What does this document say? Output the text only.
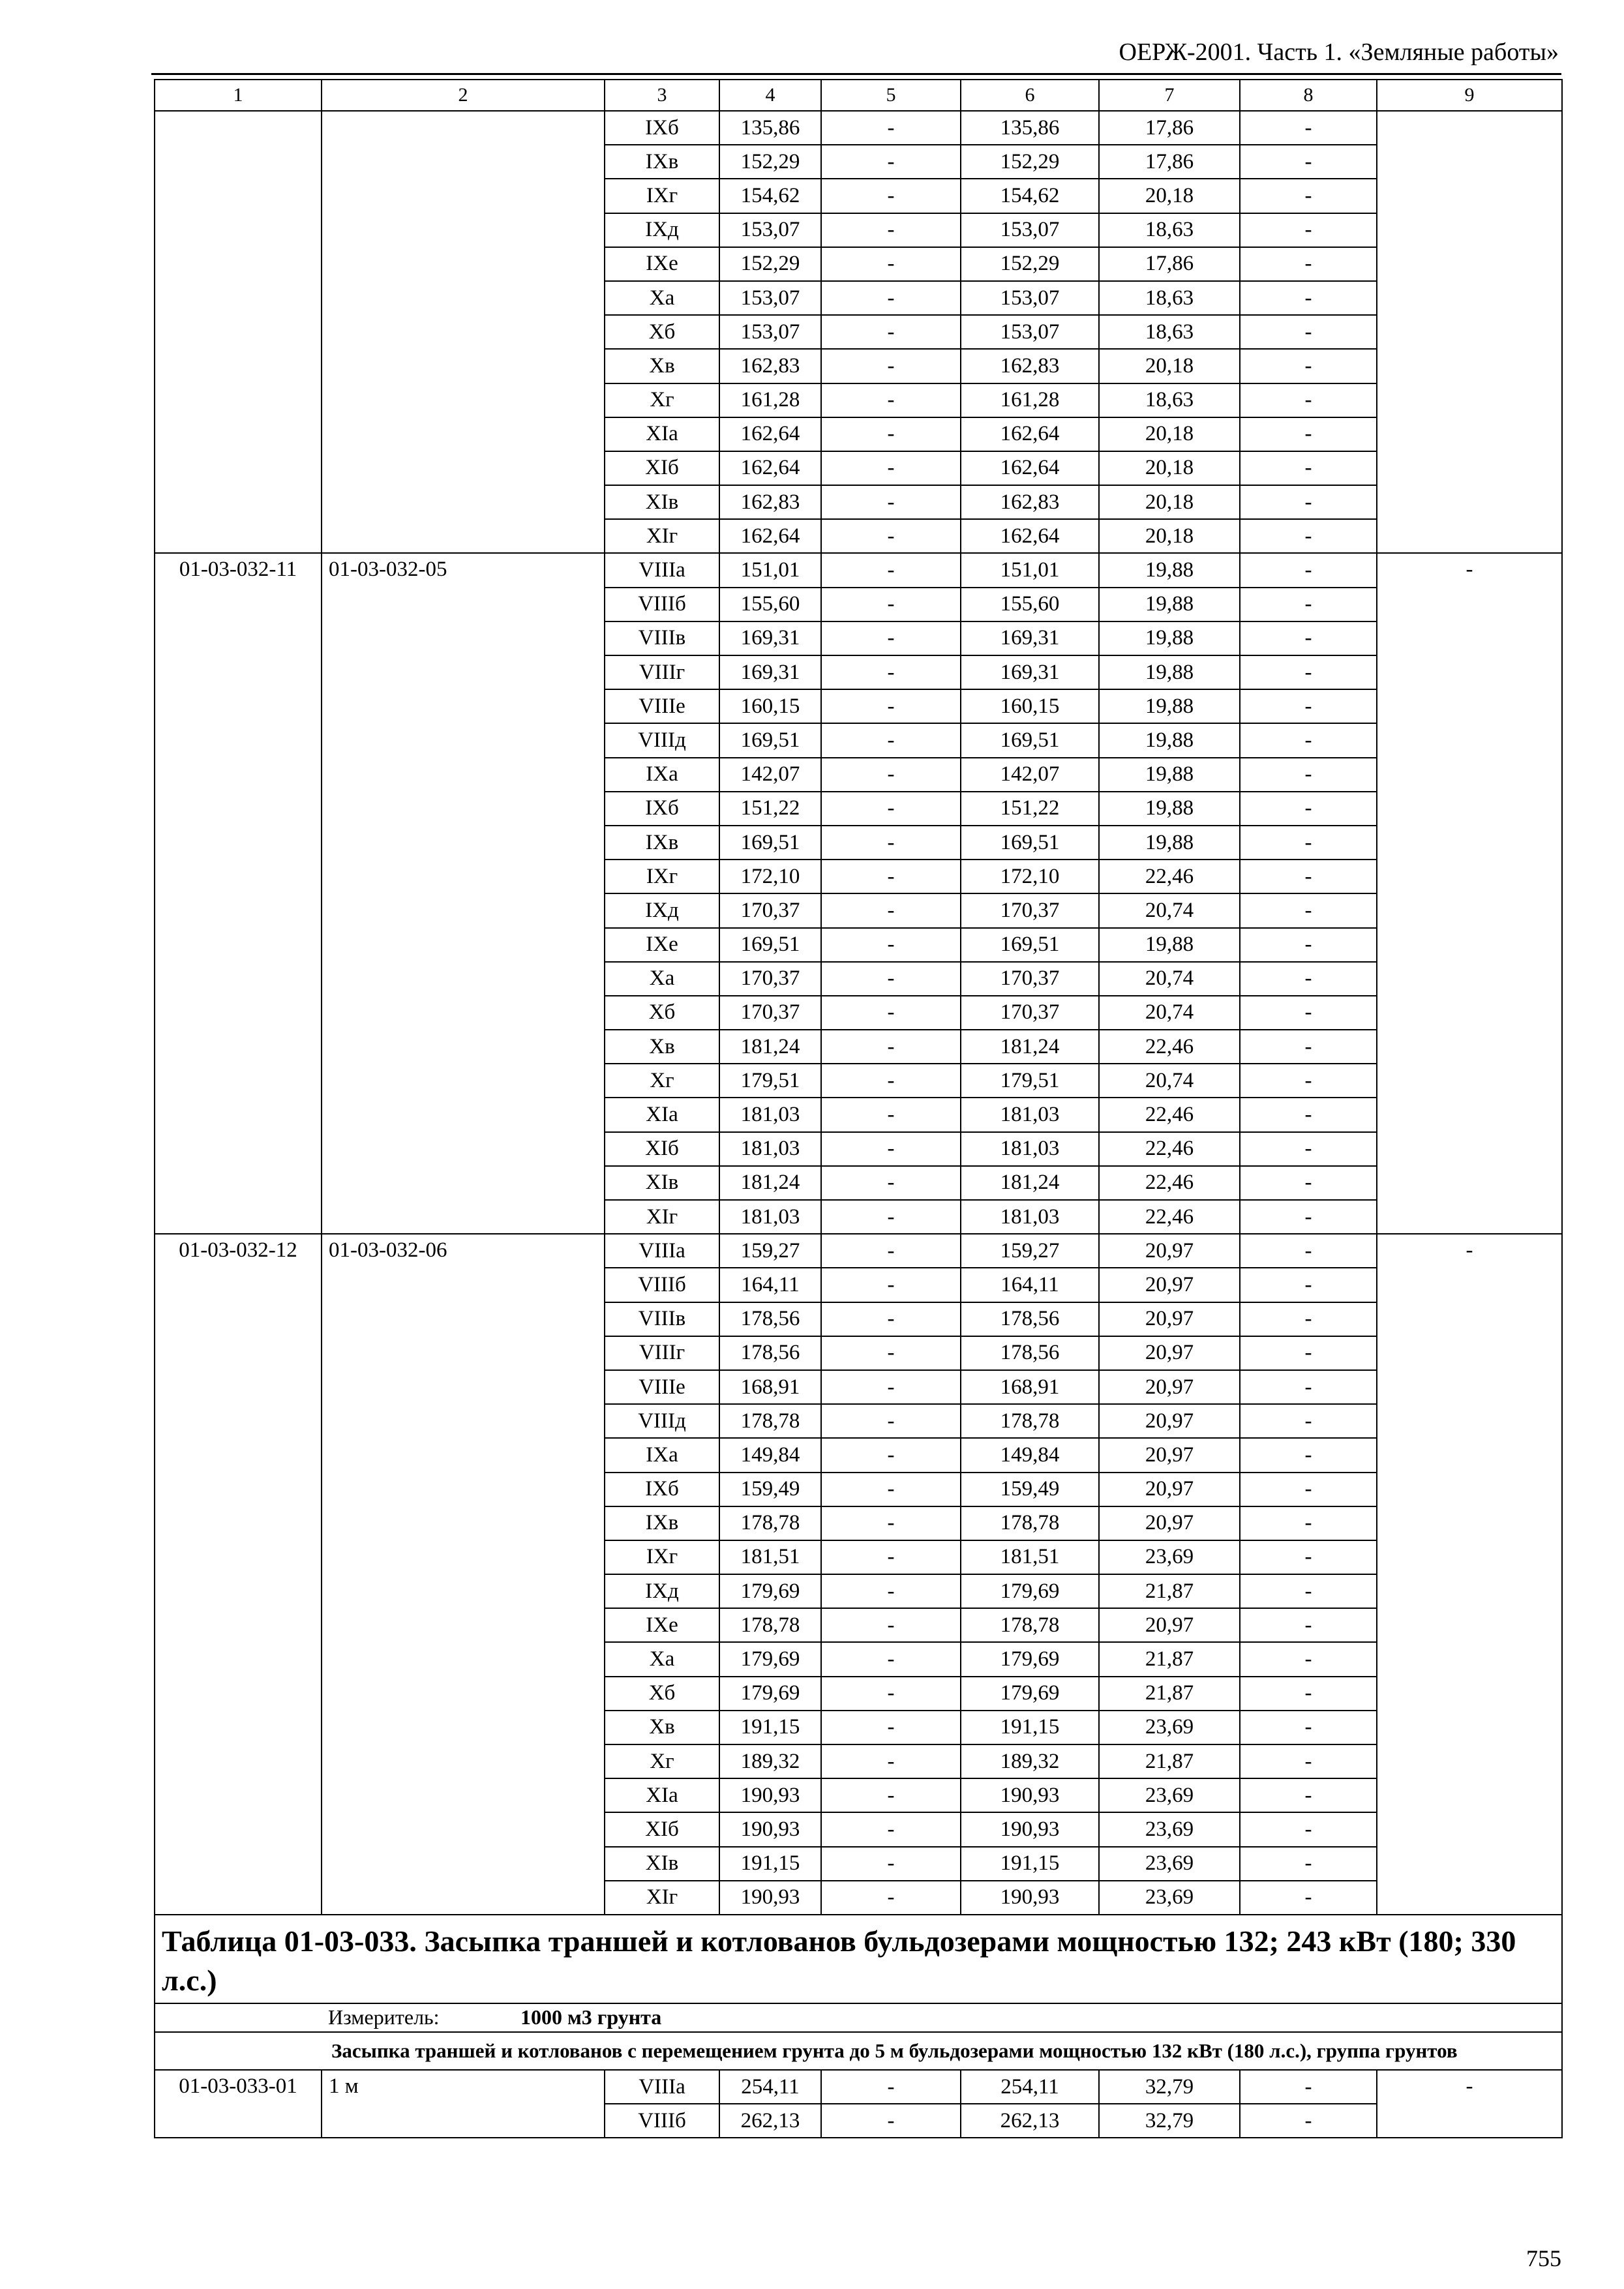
ОЕРЖ-2001. Часть 1. «Земляные работы»
1	2	3	4	5	6	7	8	9
		IXб	135,86	-	135,86	17,86	-	
		IXв	152,29	-	152,29	17,86	-	
		IXг	154,62	-	154,62	20,18	-	
		IXд	153,07	-	153,07	18,63	-	
		IXе	152,29	-	152,29	17,86	-	
		Xа	153,07	-	153,07	18,63	-	
		Xб	153,07	-	153,07	18,63	-	
		Xв	162,83	-	162,83	20,18	-	
		Xг	161,28	-	161,28	18,63	-	
		XIа	162,64	-	162,64	20,18	-	
		XIб	162,64	-	162,64	20,18	-	
		XIв	162,83	-	162,83	20,18	-	
		XIг	162,64	-	162,64	20,18	-	
01-03-032-11	01-03-032-05	VIIIа	151,01	-	151,01	19,88	-	-
		VIIIб	155,60	-	155,60	19,88	-	
		VIIIв	169,31	-	169,31	19,88	-	
		VIIIг	169,31	-	169,31	19,88	-	
		VIIIе	160,15	-	160,15	19,88	-	
		VIIIд	169,51	-	169,51	19,88	-	
		IXа	142,07	-	142,07	19,88	-	
		IXб	151,22	-	151,22	19,88	-	
		IXв	169,51	-	169,51	19,88	-	
		IXг	172,10	-	172,10	22,46	-	
		IXд	170,37	-	170,37	20,74	-	
		IXе	169,51	-	169,51	19,88	-	
		Xа	170,37	-	170,37	20,74	-	
		Xб	170,37	-	170,37	20,74	-	
		Xв	181,24	-	181,24	22,46	-	
		Xг	179,51	-	179,51	20,74	-	
		XIа	181,03	-	181,03	22,46	-	
		XIб	181,03	-	181,03	22,46	-	
		XIв	181,24	-	181,24	22,46	-	
		XIг	181,03	-	181,03	22,46	-	
01-03-032-12	01-03-032-06	VIIIа	159,27	-	159,27	20,97	-	-
		VIIIб	164,11	-	164,11	20,97	-	
		VIIIв	178,56	-	178,56	20,97	-	
		VIIIг	178,56	-	178,56	20,97	-	
		VIIIе	168,91	-	168,91	20,97	-	
		VIIIд	178,78	-	178,78	20,97	-	
		IXа	149,84	-	149,84	20,97	-	
		IXб	159,49	-	159,49	20,97	-	
		IXв	178,78	-	178,78	20,97	-	
		IXг	181,51	-	181,51	23,69	-	
		IXд	179,69	-	179,69	21,87	-	
		IXе	178,78	-	178,78	20,97	-	
		Xа	179,69	-	179,69	21,87	-	
		Xб	179,69	-	179,69	21,87	-	
		Xв	191,15	-	191,15	23,69	-	
		Xг	189,32	-	189,32	21,87	-	
		XIа	190,93	-	190,93	23,69	-	
		XIб	190,93	-	190,93	23,69	-	
		XIв	191,15	-	191,15	23,69	-	
		XIг	190,93	-	190,93	23,69	-	
Таблица 01-03-033. Засыпка траншей и котлованов бульдозерами мощностью 132; 243 кВт (180; 330 л.с.)								
Измеритель: 1000 м3 грунта								
Засыпка траншей и котлованов с перемещением грунта до 5 м бульдозерами мощностью 132 кВт (180 л.с.), группа грунтов								
01-03-033-01	1 м	VIIIа	254,11	-	254,11	32,79	-	-
		VIIIб	262,13	-	262,13	32,79	-	
755
